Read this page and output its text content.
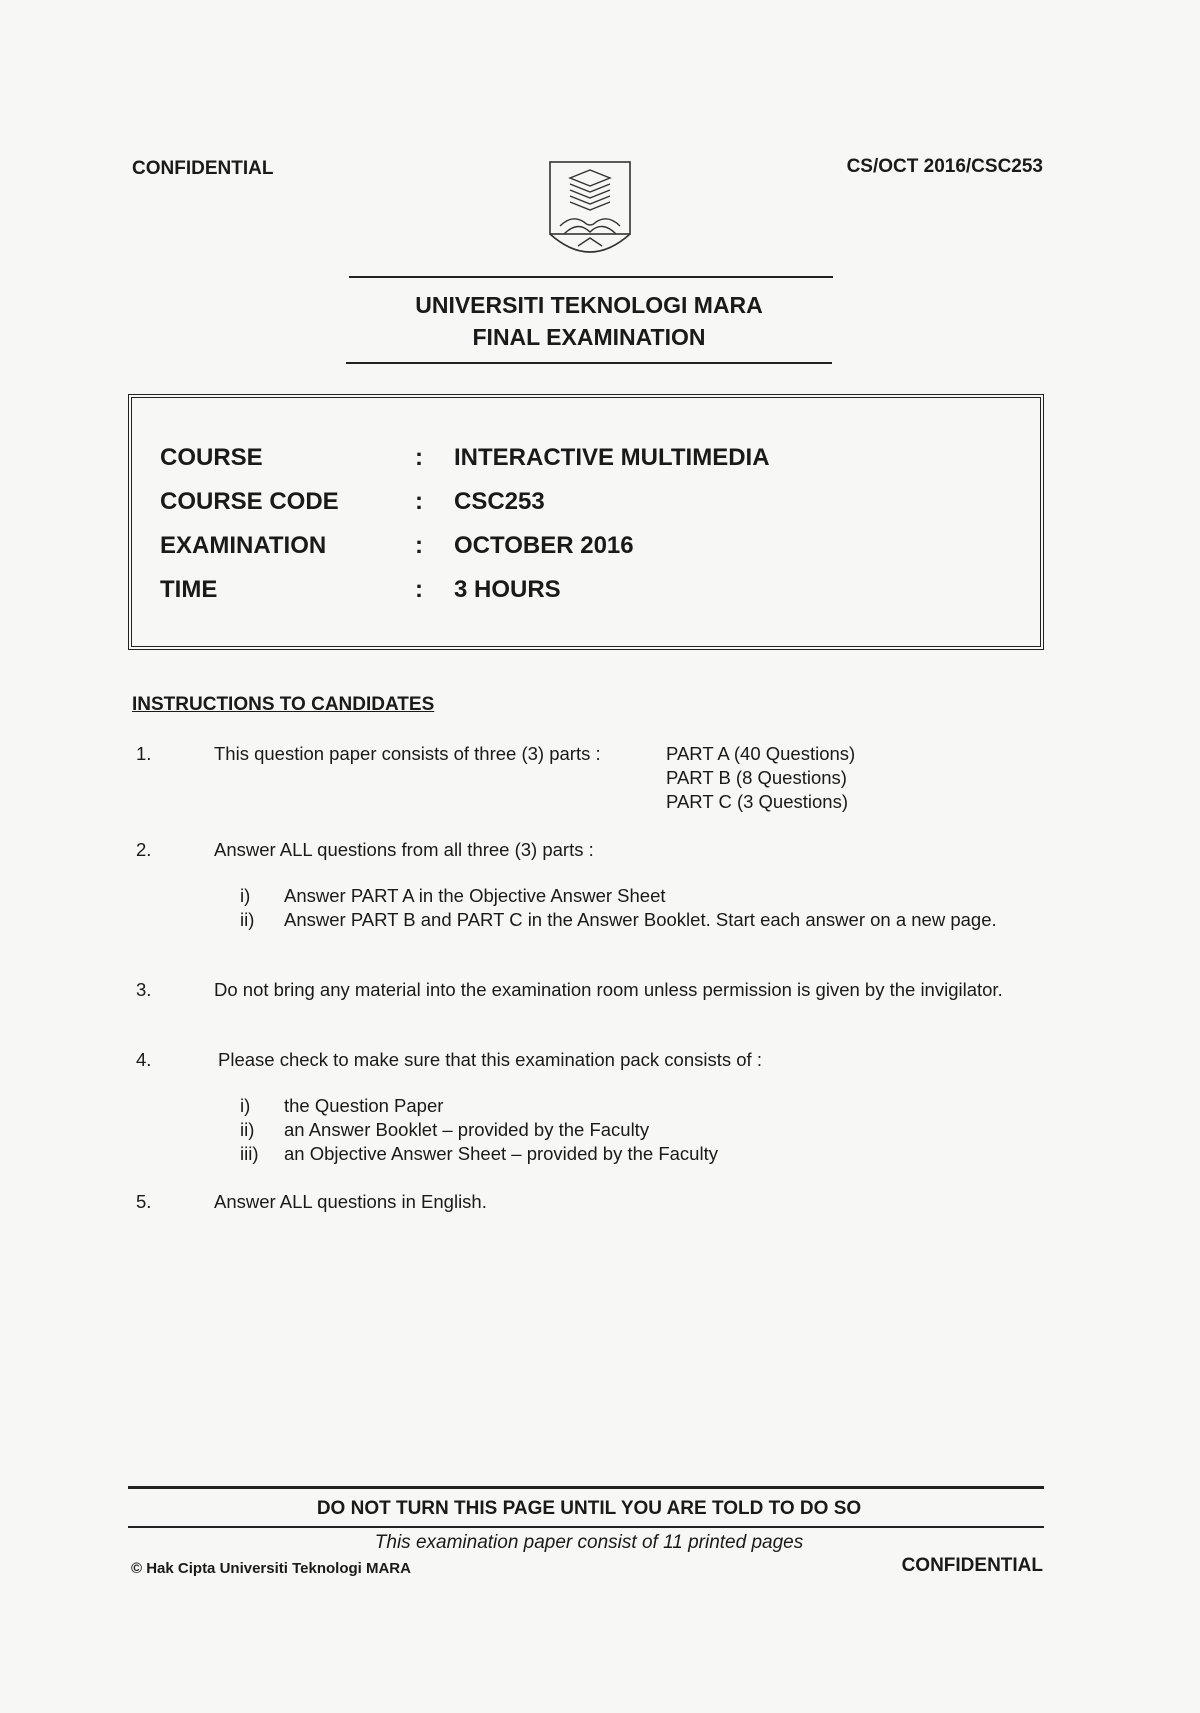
CONFIDENTIAL	CS/OCT 2016/CSC253
UNIVERSITI TEKNOLOGI MARA
FINAL EXAMINATION
COURSE	: INTERACTIVE MULTIMEDIA
COURSE CODE	: CSC253
EXAMINATION	: OCTOBER 2016
TIME	: 3 HOURS
INSTRUCTIONS TO CANDIDATES
1.	This question paper consists of three (3) parts :	PART A (40 Questions)
PART B (8 Questions)
PART C (3 Questions)
2.	Answer ALL questions from all three (3) parts :
i) Answer PART A in the Objective Answer Sheet
ii) Answer PART B and PART C in the Answer Booklet. Start each answer on a new page.
3.	Do not bring any material into the examination room unless permission is given by the invigilator.
4.	Please check to make sure that this examination pack consists of :
i) the Question Paper
ii) an Answer Booklet – provided by the Faculty
iii) an Objective Answer Sheet – provided by the Faculty
5.	Answer ALL questions in English.
DO NOT TURN THIS PAGE UNTIL YOU ARE TOLD TO DO SO
This examination paper consist of 11 printed pages
© Hak Cipta Universiti Teknologi MARA	CONFIDENTIAL
